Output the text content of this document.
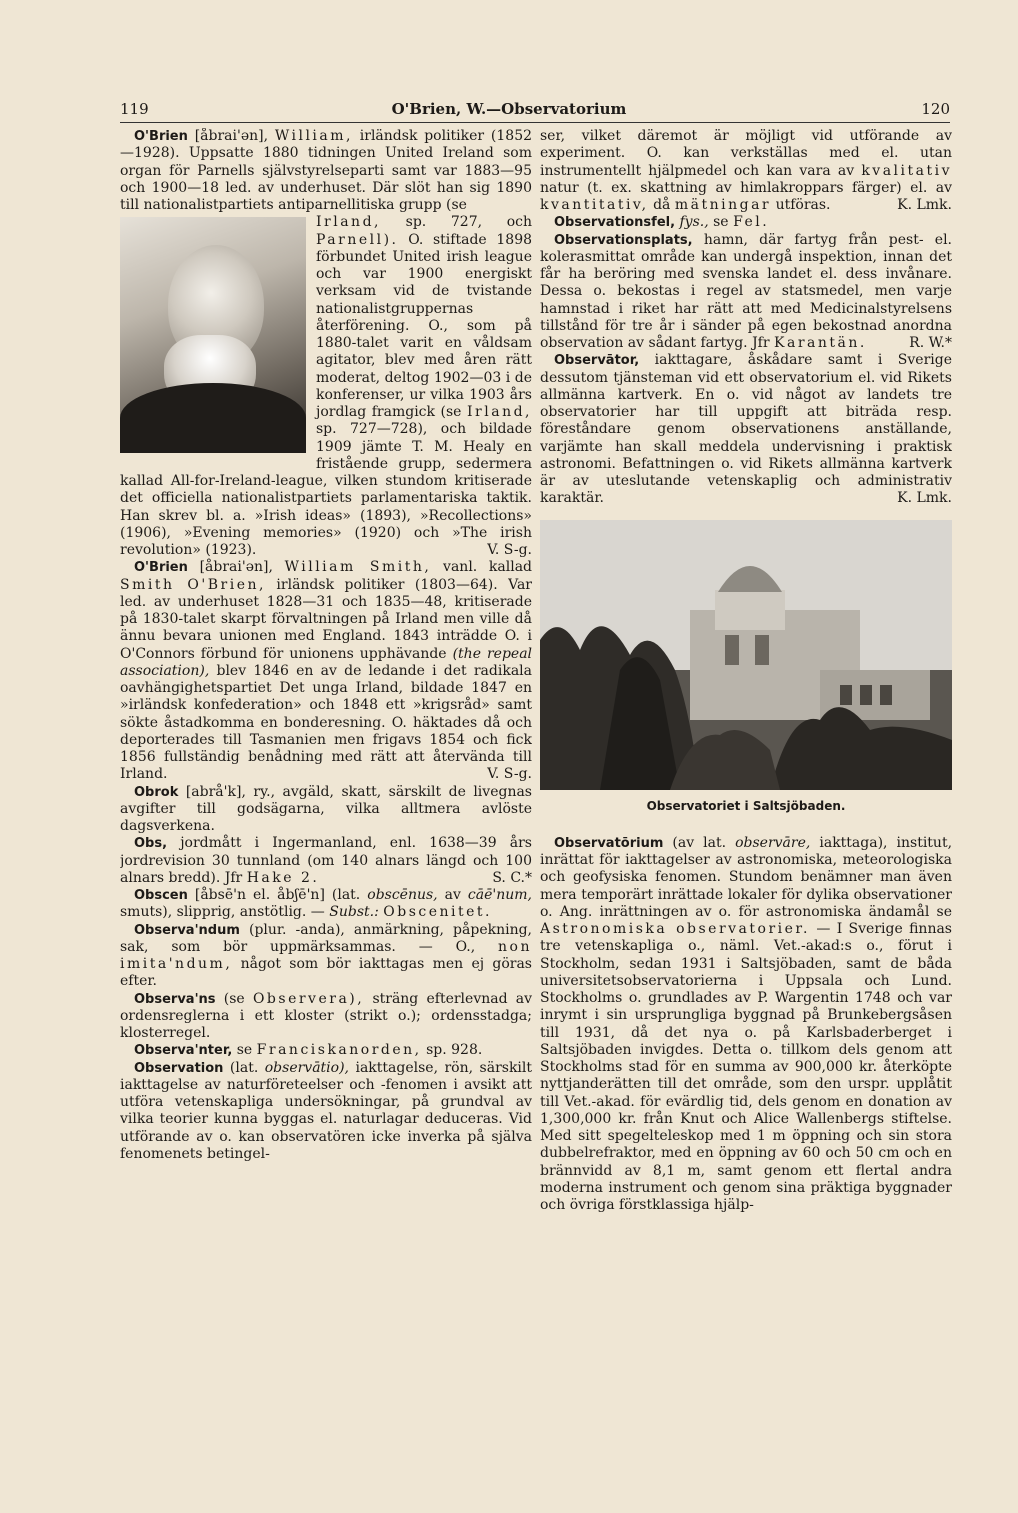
119	O'Brien, W.—Observatorium	120

O'Brien [åbrai'ən], William, irländsk politiker (1852—1928). Uppsatte 1880 tidningen United Ireland som organ för Parnells självstyrelseparti samt var 1883—95 och 1900—18 led. av underhuset. Där slöt han sig 1890 till nationalistpartiets antiparnellitiska grupp (se

Irland, sp. 727, och Parnell). O. stiftade 1898 förbundet United irish league och var 1900 energiskt verksam vid de tvistande nationalistgruppernas återförening. O., som på 1880-talet varit en våldsam agitator, blev med åren rätt moderat, deltog 1902—03 i de konferenser, ur vilka 1903 års jordlag framgick (se Irland, sp. 727—728), och bildade 1909 jämte T. M. Healy en fristående grupp, sedermera kallad All-for-Ireland-league, vilken stundom kritiserade det officiella nationalistpartiets parlamentariska taktik. Han skrev bl. a. »Irish ideas» (1893), »Recollections» (1906), »Evening memories» (1920) och »The irish revolution» (1923).	V. S-g.

O'Brien [åbrai'ən], William Smith, vanl. kallad Smith O'Brien, irländsk politiker (1803—64). Var led. av underhuset 1828—31 och 1835—48, kritiserade på 1830-talet skarpt förvaltningen på Irland men ville då ännu bevara unionen med England. 1843 inträdde O. i O'Connors förbund för unionens upphävande (the repeal association), blev 1846 en av de ledande i det radikala oavhängighetspartiet Det unga Irland, bildade 1847 en »irländsk konfederation» och 1848 ett »krigsråd» samt sökte åstadkomma en bonderesning. O. häktades då och deporterades till Tasmanien men frigavs 1854 och fick 1856 fullständig benådning med rätt att återvända till Irland.	V. S-g.

Obrok [abrå'k], ry., avgäld, skatt, särskilt de livegnas avgifter till godsägarna, vilka alltmera avlöste dagsverkena.

Obs, jordmått i Ingermanland, enl. 1638—39 års jordrevision 30 tunnland (om 140 alnars längd och 100 alnars bredd). Jfr Hake 2.	S. C.*

Obscen [åbsē'n el. åbʃē'n] (lat. obscēnus, av cāē'num, smuts), slipprig, anstötlig. — Subst.: Obscenitet.

Observa'ndum (plur. -anda), anmärkning, påpekning, sak, som bör uppmärksammas. — O., non imita'ndum, något som bör iakttagas men ej göras efter.

Observa'ns (se Observera), sträng efterlevnad av ordensreglerna i ett kloster (strikt o.); ordensstadga; klosterregel.

Observa'nter, se Franciskanorden, sp. 928.

Observation (lat. observātio), iakttagelse, rön, särskilt iakttagelse av naturföreteelser och -fenomen i avsikt att utföra vetenskapliga undersökningar, på grundval av vilka teorier kunna byggas el. naturlagar deduceras. Vid utförande av o. kan observatören icke inverka på själva fenomenets betingel-

ser, vilket däremot är möjligt vid utförande av experiment. O. kan verkställas med el. utan instrumentellt hjälpmedel och kan vara av kvalitativ natur (t. ex. skattning av himlakroppars färger) el. av kvantitativ, då mätningar utföras.	K. Lmk.

Observationsfel, fys., se Fel.

Observationsplats, hamn, där fartyg från pest- el. kolerasmittat område kan undergå inspektion, innan det får ha beröring med svenska landet el. dess invånare. Dessa o. bekostas i regel av statsmedel, men varje hamnstad i riket har rätt att med Medicinalstyrelsens tillstånd för tre år i sänder på egen bekostnad anordna observation av sådant fartyg. Jfr Karantän.	R. W.*

Observātor, iakttagare, åskådare samt i Sverige dessutom tjänsteman vid ett observatorium el. vid Rikets allmänna kartverk. En o. vid något av landets tre observatorier har till uppgift att biträda resp. föreståndare genom observationens anställande, varjämte han skall meddela undervisning i praktisk astronomi. Befattningen o. vid Rikets allmänna kartverk är av uteslutande vetenskaplig och administrativ karaktär.	K. Lmk.

Observatoriet i Saltsjöbaden.

Observatōrium (av lat. observāre, iakttaga), institut, inrättat för iakttagelser av astronomiska, meteorologiska och geofysiska fenomen. Stundom benämner man även mera temporärt inrättade lokaler för dylika observationer o. Ang. inrättningen av o. för astronomiska ändamål se Astronomiska observatorier. — I Sverige finnas tre vetenskapliga o., näml. Vet.-akad:s o., förut i Stockholm, sedan 1931 i Saltsjöbaden, samt de båda universitetsobservatorierna i Uppsala och Lund. Stockholms o. grundlades av P. Wargentin 1748 och var inrymt i sin ursprungliga byggnad på Brunkebergsåsen till 1931, då det nya o. på Karlsbaderberget i Saltsjöbaden invigdes. Detta o. tillkom dels genom att Stockholms stad för en summa av 900,000 kr. återköpte nyttjanderätten till det område, som den urspr. upplåtit till Vet.-akad. för evärdlig tid, dels genom en donation av 1,300,000 kr. från Knut och Alice Wallenbergs stiftelse. Med sitt spegelteleskop med 1 m öppning och sin stora dubbelrefraktor, med en öppning av 60 och 50 cm och en brännvidd av 8,1 m, samt genom ett flertal andra moderna instrument och genom sina präktiga byggnader och övriga förstklassiga hjälp-
